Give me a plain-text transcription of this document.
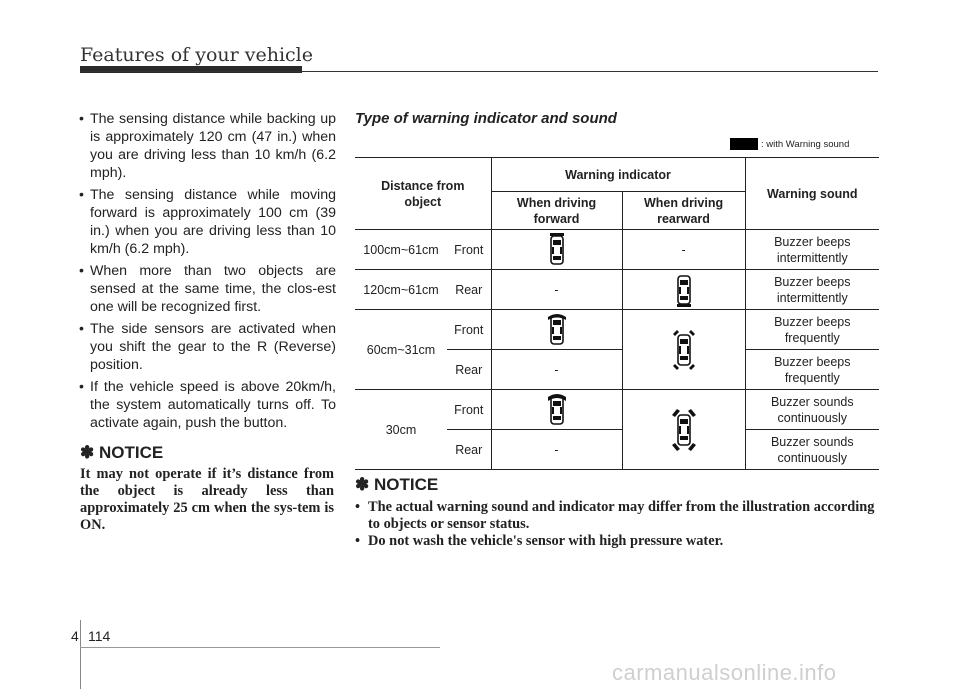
Features of your vehicle
• The sensing distance while backing up is approximately 120 cm (47 in.) when you are driving less than 10 km/h (6.2 mph).
• The sensing distance while moving forward is approximately 100 cm (39 in.) when you are driving less than 10 km/h (6.2 mph).
• When more than two objects are sensed at the same time, the clos-est one will be recognized first.
• The side sensors are activated when you shift the gear to the R (Reverse) position.
• If the vehicle speed is above 20km/h, the system automatically turns off. To activate again, push the button.
✽ NOTICE

It may not operate if it’s distance from the object is already less than approximately 25 cm when the sys-tem is ON.

Type of warning indicator and sound
: with Warning sound
Distance from object		Warning indicator		Warning sound
		When driving forward	When driving rearward	
100cm~61cm	Front		-	Buzzer beeps intermittently
120cm~61cm	Rear	-		Buzzer beeps intermittently
60cm~31cm	Front			Buzzer beeps frequently
	Rear	-		Buzzer beeps frequently
30cm	Front			Buzzer sounds continuously
	Rear	-		Buzzer sounds continuously
✽ NOTICE
• The actual warning sound and indicator may differ from the illustration according to objects or sensor status.
• Do not wash the vehicle's sensor with high pressure water.
4 114
carmanualsonline.info
